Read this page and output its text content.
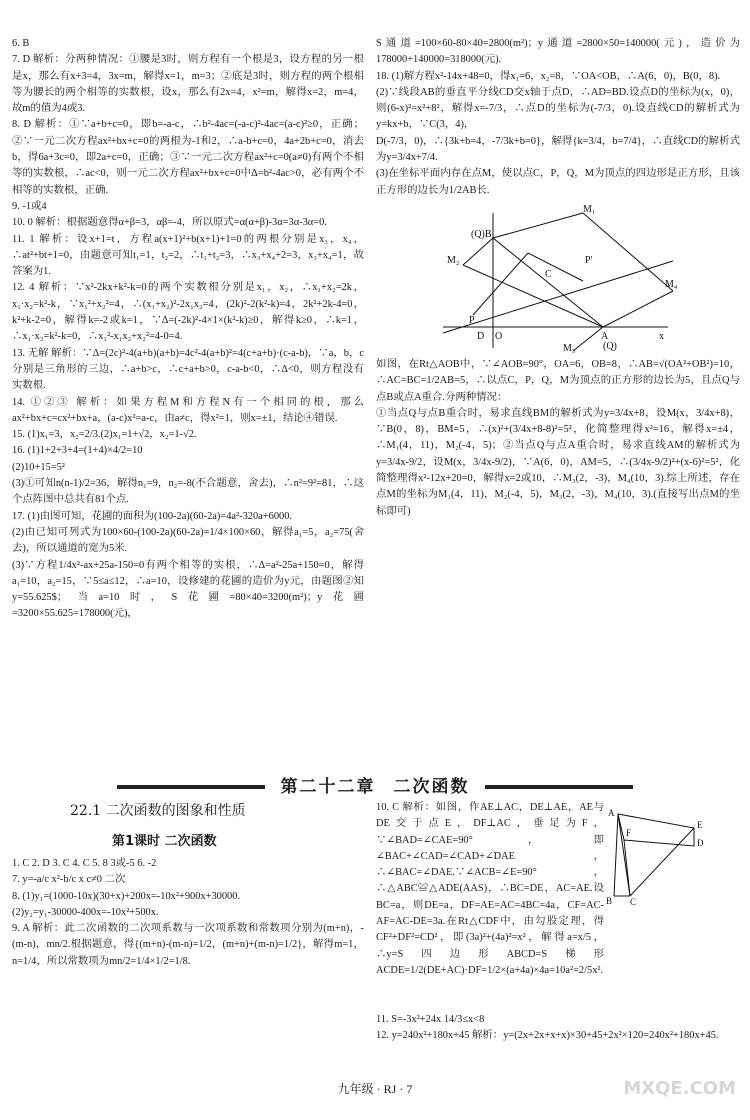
6. B

7. D 解析：分两种情况：①腰是3时，则方程有一个根是3，设方程的另一根是x，那么有x+3=4，3x=m，解得x=1，m=3；②底是3时，则方程的两个根相等为腰长的两个相等的实数根，设x，那么有2x=4，x²=m，解得x=2，m=4，故m的值为4或3.

8. D 解析：①∵a+b+c=0，即b=-a-c，∴b²-4ac=(-a-c)²-4ac=(a-c)²≥0，正确；②∵一元二次方程ax²+bx+c=0的两根为-1和2，∴a-b+c=0，4a+2b+c=0，消去b，得6a+3c=0，即2a+c=0，正确；③∵一元二次方程ax²+c=0(a≠0)有两个不相等的实数根，∴ac<0，则一元二次方程ax²+bx+c=0中Δ=b²-4ac>0，必有两个不相等的实数根，正确.

9. -1或4

10. 0 解析：根据题意得α+β=3，αβ=-4，所以原式=α(α+β)-3α=3α-3α=0.

11. 1 解析：设x+1=t，方程a(x+1)²+b(x+1)+1=0的两根分别是x₃，x₄，∴at²+bt+1=0，由题意可知t₁=1，t₂=2，∴t₁+t₂=3，∴x₃+x₄+2=3，x₃+x₄=1，故答案为1.

12. 4 解析：∵x²-2kx+k²-k=0的两个实数根分别是x₁，x₂，∴x₁+x₂=2k，x₁·x₂=k²-k，∵x₁²+x₂²=4，∴(x₁+x₂)²-2x₁x₂=4，(2k)²-2(k²-k)=4，2k²+2k-4=0，k²+k-2=0，解得k=-2或k=1，∵Δ=(-2k)²-4×1×(k²-k)≥0，解得k≥0，∴k=1，∴x₁·x₂=k²-k=0，∴x₁²-x₁x₂+x₂²=4-0=4.

13. 无解 解析：∵Δ=(2c)²-4(a+b)(a+b)=4c²-4(a+b)²=4(c+a+b)·(c-a-b)，∵a，b，c分别是三角形的三边，∴a+b>c，∴c+a+b>0，c-a-b<0，∴Δ<0，则方程没有实数根.

14. ①②③ 解析：如果方程M和方程N有一个相同的根，那么ax²+bx+c=cx²+bx+a，(a-c)x²=a-c，由a≠c，得x²=1，则x=±1，结论④错误.

15. (1)x₁=3，x₂=2/3.(2)x₁=1+√2，x₂=1-√2.

16. (1)1+2+3+4=(1+4)×4/2=10

(2)10+15=5²

(3)①可知n(n-1)/2=36，解得n₁=9，n₂=-8(不合题意，舍去)，∴n²=9²=81，∴这个点阵图中总共有81个点.

17. (1)由图可知，花圃的面积为(100-2a)(60-2a)=4a²-320a+6000.

(2)由已知可列式为100×60-(100-2a)(60-2a)=1/4×100×60，解得a₁=5，a₂=75(舍去)，所以通道的宽为5米.

(3)∵方程1/4x²-ax+25a-150=0有两个相等的实根，∴Δ=a²-25a+150=0，解得a₁=10，a₂=15，∵5≤a≤12，∴a=10，设修建的花圃的造价为y元，由题图②知y=55.625$；当a=10时，S花圃=80×40=3200(m²)；y花圃=3200×55.625=178000(元)，

S通道=100×60-80×40=2800(m²)；y通道=2800×50=140000(元)，造价为178000+140000=318000(元).

18. (1)解方程x²-14x+48=0，得x₁=6，x₂=8，∵OA<OB，∴A(6，0)，B(0，8).

(2)∵线段AB的垂直平分线CD交x轴于点D，∴AD=BD.设点D的坐标为(x，0)，则(6-x)²=x²+8²，解得x=-7/3，∴点D的坐标为(-7/3，0).设直线CD的解析式为y=kx+b，∵C(3，4)，

D(-7/3，0)，∴{3k+b=4，-7/3k+b=0}，解得{k=3/4，b=7/4}，∴直线CD的解析式为y=3/4x+7/4.

(3)在坐标平面内存在点M，使以点C，P，Q，M为顶点的四边形是正方形，且该正方形的边长为1/2AB长.

M₁
(Q)B
P'
C
M₂
M₄
P
D O	A
(Q)
x
M₃

如图，在Rt△AOB中，∵∠AOB=90°，OA=6，OB=8，∴AB=√(OA²+OB²)=10，∴AC=BC=1/2AB=5，∴以点C，P，Q，M为顶点的正方形的边长为5，且点Q与点B或点A重合.分两种情况：

①当点Q与点B重合时，易求直线BM的解析式为y=3/4x+8，设M(x，3/4x+8)，∵B(0，8)，BM=5，∴(x)²+(3/4x+8-8)²=5²，化简整理得x²=16，解得x=±4，∴M₁(4，11)，M₂(-4，5)；②当点Q与点A重合时，易求直线AM的解析式为y=3/4x-9/2，设M(x，3/4x-9/2)，∵A(6，0)，AM=5，∴(3/4x-9/2)²+(x-6)²=5²，化简整理得x²-12x+20=0，解得x=2或10，∴M₃(2，-3)，M₄(10，3).综上所述，存在点M的坐标为M₁(4，11)，M₂(-4，5)，M₃(2，-3)，M₄(10，3).(直接写出点M的坐标即可)

第二十二章 二次函数
22.1 二次函数的图象和性质
第1课时 二次函数

1. C 2. D 3. C 4. C 5. 8 3或-5 6. -2

7. y=-a/c x²-b/c x c≠0 二次

8. (1)y₁=(1000-10x)(30+x)+200x=-10x²+900x+30000.

(2)y₂=y₁-30000-400x=-10x²+500x.

9. A 解析：此二次函数的二次项系数与一次项系数和常数项分别为(m+n)，-(m-n)，mn/2.根据题意，得{(m+n)-(m-n)=1/2，(m+n)+(m-n)=1/2}，解得m=1，n=1/4，所以常数项为mn/2=1/4×1/2=1/8.

10. C 解析：如图，作AE⊥AC，DE⊥AE，AE与DE交于点E，DF⊥AC，垂足为F，∵∠BAD=∠CAE=90°，即∠BAC+∠CAD=∠CAD+∠DAE，∴∠BAC=∠DAE.∵∠ACB=∠E=90°，∴△ABC≌△ADE(AAS)，∴BC=DE，AC=AE.设BC=a，则DE=a，DF=AE=AC=4BC=4a，CF=AC-AF=AC-DE=3a.在Rt△CDF中，由勾股定理，得CF²+DF²=CD²，即(3a)²+(4a)²=x²，解得a=x/5，∴y=S四边形ABCD=S梯形ACDE=1/2(DE+AC)·DF=1/2×(a+4a)×4a=10a²=2/5x².

11. S=-3x²+24x 14/3≤x<8

12. y=240x²+180x+45 解析：y=(2x+2x+x+x)×30+45+2x²×120=240x²+180x+45.

A
F
E
D
B C
九年级 · RJ · 7	MXQE.COM
